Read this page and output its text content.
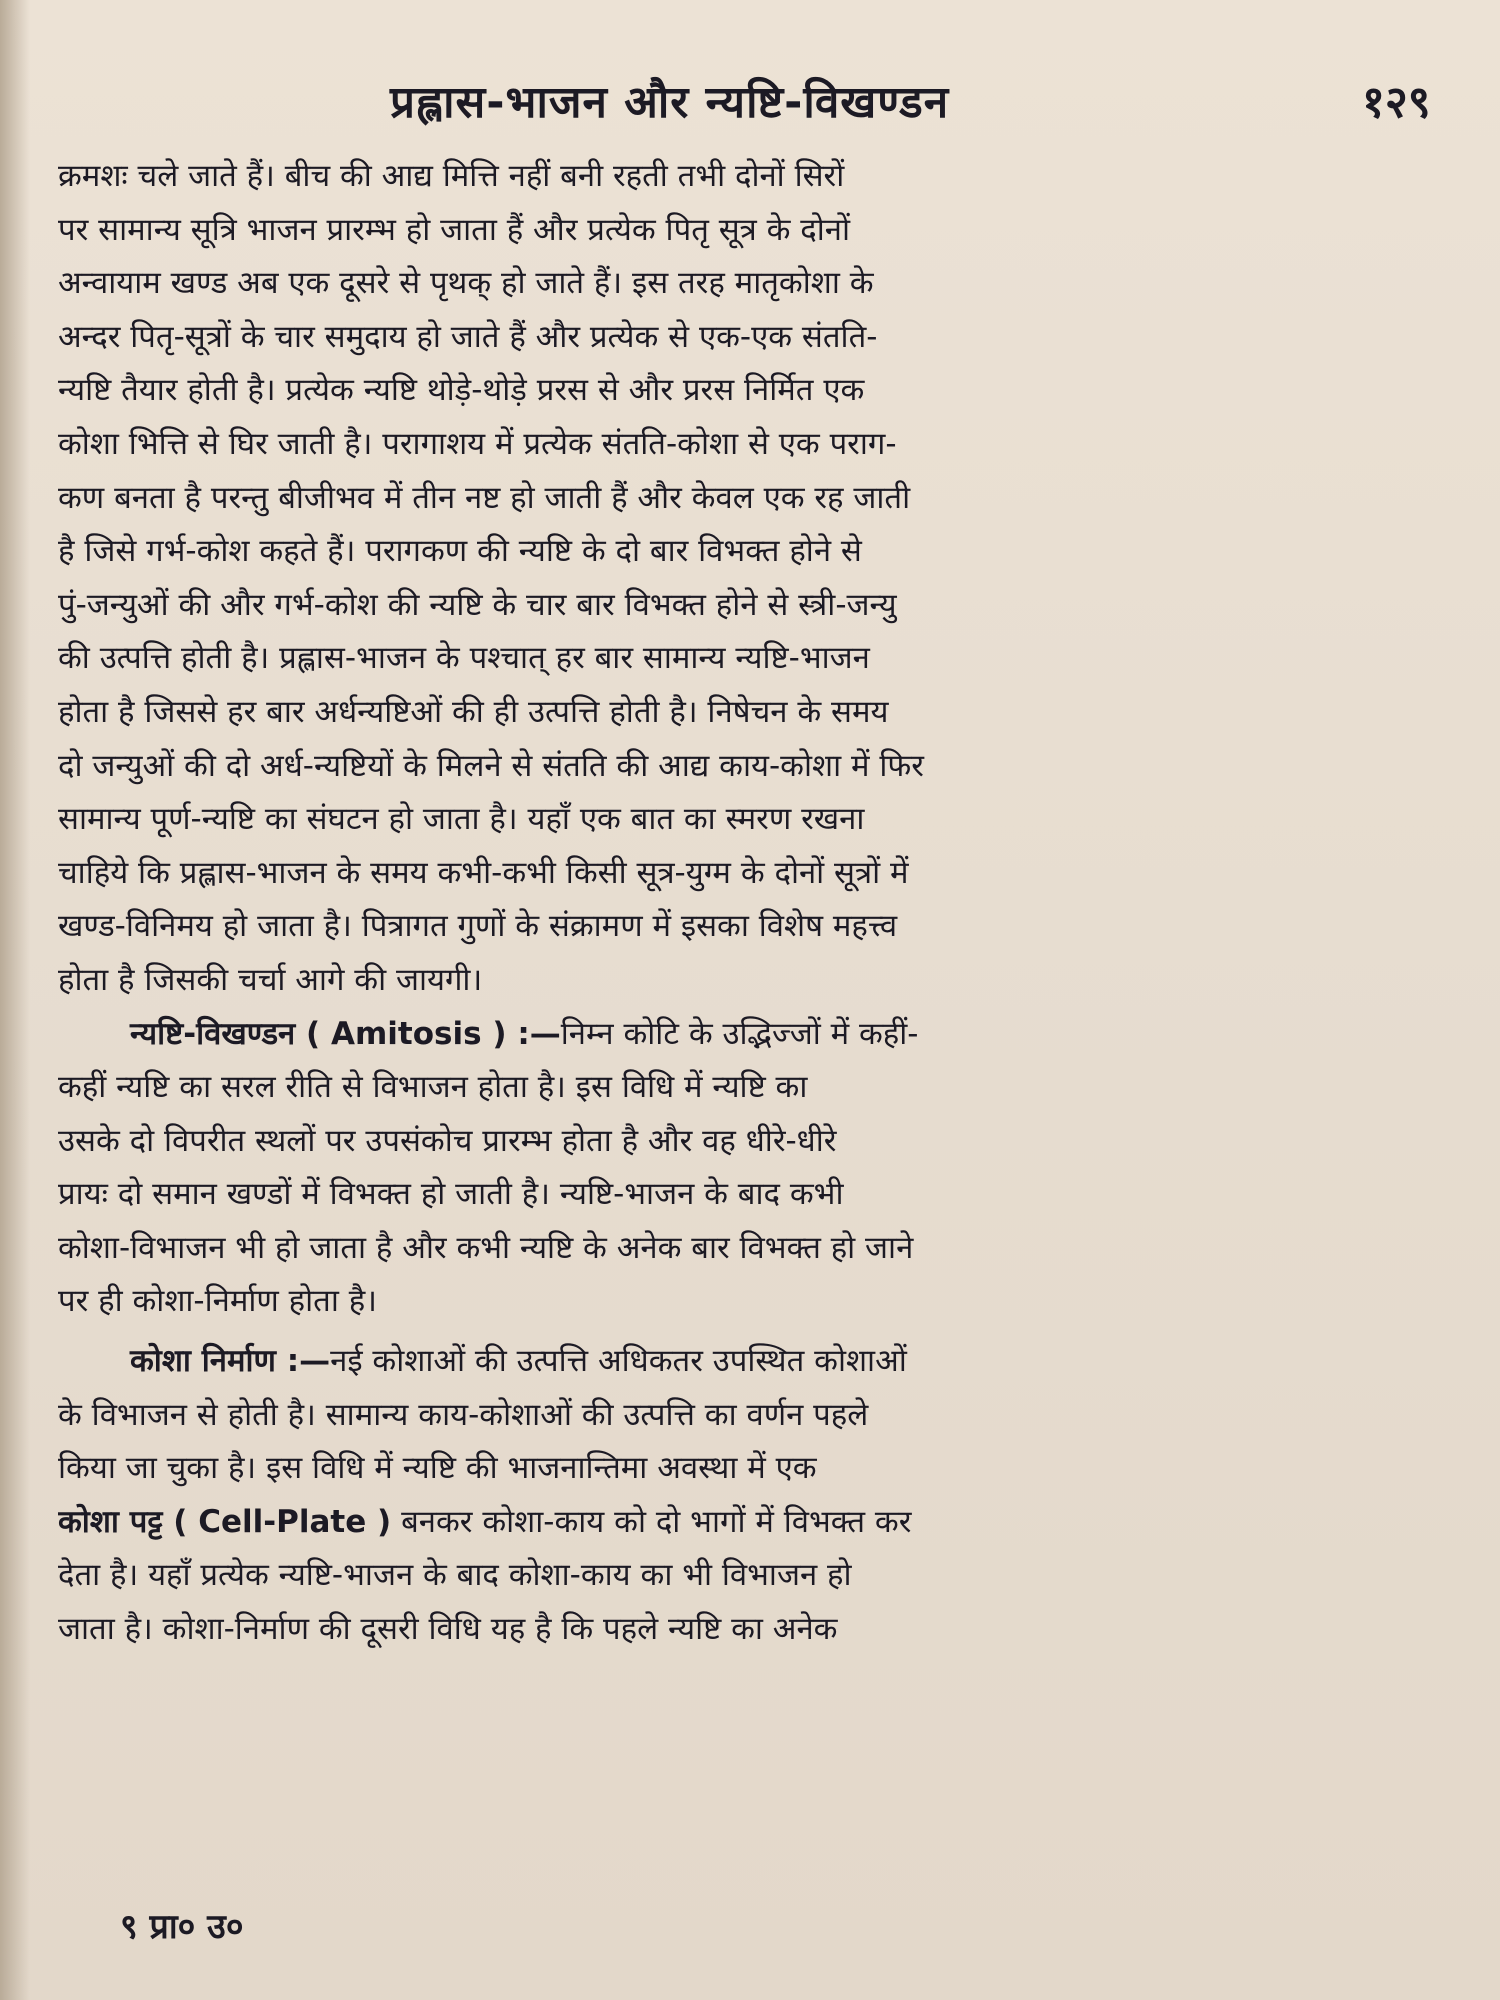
प्रह्लास-भाजन और न्यष्टि-विखण्डन	१२९
क्रमशः चले जाते हैं। बीच की आद्य मित्ति नहीं बनी रहती तभी दोनों सिरों
पर सामान्य सूत्रि भाजन प्रारम्भ हो जाता हैं और प्रत्येक पितृ सूत्र के दोनों
अन्वायाम खण्ड अब एक दूसरे से पृथक् हो जाते हैं। इस तरह मातृकोशा के
अन्दर पितृ-सूत्रों के चार समुदाय हो जाते हैं और प्रत्येक से एक-एक संतति-
न्यष्टि तैयार होती है। प्रत्येक न्यष्टि थोड़े-थोड़े प्ररस से और प्ररस निर्मित एक
कोशा भित्ति से घिर जाती है। परागाशय में प्रत्येक संतति-कोशा से एक पराग-
कण बनता है परन्तु बीजीभव में तीन नष्ट हो जाती हैं और केवल एक रह जाती
है जिसे गर्भ-कोश कहते हैं। परागकण की न्यष्टि के दो बार विभक्त होने से
पुं-जन्युओं की और गर्भ-कोश की न्यष्टि के चार बार विभक्त होने से स्त्री-जन्यु
की उत्पत्ति होती है। प्रह्लास-भाजन के पश्चात् हर बार सामान्य न्यष्टि-भाजन
होता है जिससे हर बार अर्धन्यष्टिओं की ही उत्पत्ति होती है। निषेचन के समय
दो जन्युओं की दो अर्ध-न्यष्टियों के मिलने से संतति की आद्य काय-कोशा में फिर
सामान्य पूर्ण-न्यष्टि का संघटन हो जाता है। यहाँ एक बात का स्मरण रखना
चाहिये कि प्रह्लास-भाजन के समय कभी-कभी किसी सूत्र-युग्म के दोनों सूत्रों में
खण्ड-विनिमय हो जाता है। पित्रागत गुणों के संक्रामण में इसका विशेष महत्त्व
होता है जिसकी चर्चा आगे की जायगी।
न्यष्टि-विखण्डन ( Amitosis ) :—निम्न कोटि के उद्भिज्जों में कहीं-
कहीं न्यष्टि का सरल रीति से विभाजन होता है। इस विधि में न्यष्टि का
उसके दो विपरीत स्थलों पर उपसंकोच प्रारम्भ होता है और वह धीरे-धीरे
प्रायः दो समान खण्डों में विभक्त हो जाती है। न्यष्टि-भाजन के बाद कभी
कोशा-विभाजन भी हो जाता है और कभी न्यष्टि के अनेक बार विभक्त हो जाने
पर ही कोशा-निर्माण होता है।
कोशा निर्माण :—नई कोशाओं की उत्पत्ति अधिकतर उपस्थित कोशाओं
के विभाजन से होती है। सामान्य काय-कोशाओं की उत्पत्ति का वर्णन पहले
किया जा चुका है। इस विधि में न्यष्टि की भाजनान्तिमा अवस्था में एक
कोशा पट्ट ( Cell-Plate ) बनकर कोशा-काय को दो भागों में विभक्त कर
देता है। यहाँ प्रत्येक न्यष्टि-भाजन के बाद कोशा-काय का भी विभाजन हो
जाता है। कोशा-निर्माण की दूसरी विधि यह है कि पहले न्यष्टि का अनेक
९ प्रा० उ०
